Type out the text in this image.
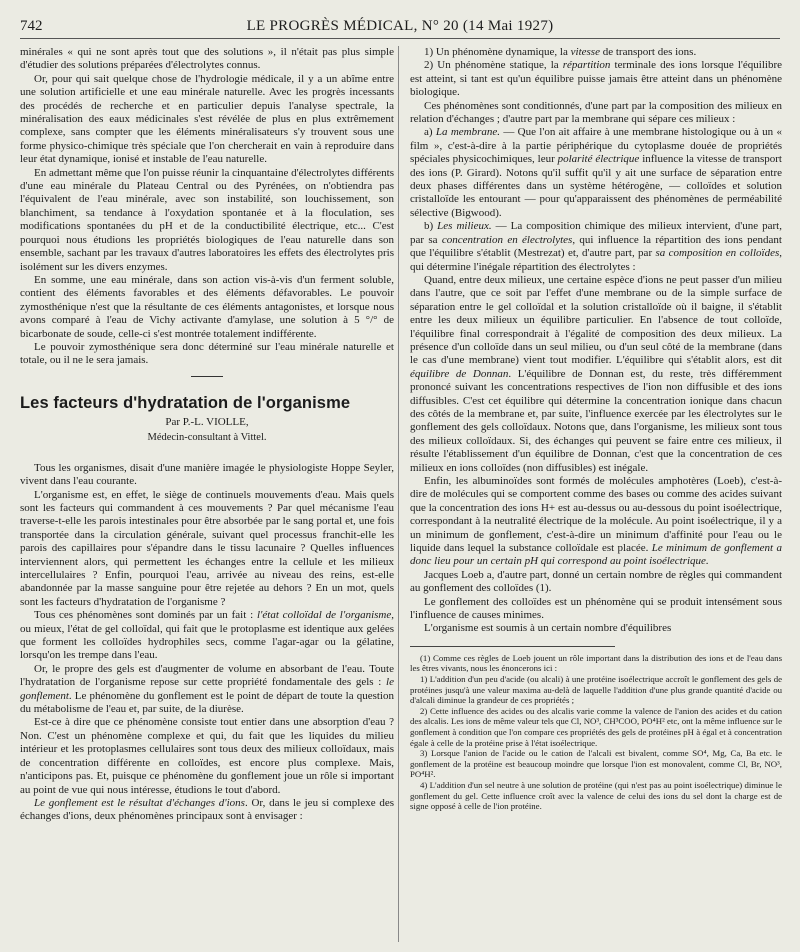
742	LE PROGRÈS MÉDICAL, N° 20 (14 Mai 1927)

minérales « qui ne sont après tout que des solutions », il n'était pas plus simple d'étudier des solutions préparées d'électrolytes connus.

Or, pour qui sait quelque chose de l'hydrologie médicale, il y a un abîme entre une solution artificielle et une eau minérale naturelle. Avec les progrès incessants des procédés de recherche et en particulier depuis l'analyse spectrale, la minéralisation des eaux médicinales s'est révélée de plus en plus extrêmement complexe, sans compter que les éléments minéralisateurs s'y trouvent sous une forme physico-chimique très spéciale que l'on chercherait en vain à reproduire dans leur état dynamique, ionisé et instable de l'eau naturelle.

En admettant même que l'on puisse réunir la cinquantaine d'électrolytes différents d'une eau minérale du Plateau Central ou des Pyrénées, on n'obtiendra pas l'équivalent de l'eau minérale, avec son instabilité, son louchissement, son blanchiment, sa tendance à l'oxydation spontanée et à la floculation, ses modifications spontanées du pH et de la conductibilité électrique, etc... C'est pourquoi nous étudions les propriétés biologiques de l'eau naturelle dans son ensemble, sachant par les travaux d'autres laboratoires les effets des électrolytes pris isolément sur les divers enzymes.

En somme, une eau minérale, dans son action vis-à-vis d'un ferment soluble, contient des éléments favorables et des éléments défavorables. Le pouvoir zymosthénique n'est que la résultante de ces éléments antagonistes, et lorsque nous avons comparé à l'eau de Vichy activante d'amylase, une solution à 5 °/° de bicarbonate de soude, celle-ci s'est montrée totalement indifférente.

Le pouvoir zymosthénique sera donc déterminé sur l'eau minérale naturelle et totale, ou il ne le sera jamais.

Les facteurs d'hydratation de l'organisme
Par P.-L. VIOLLE,
Médecin-consultant à Vittel.

Tous les organismes, disait d'une manière imagée le physiologiste Hoppe Seyler, vivent dans l'eau courante.

L'organisme est, en effet, le siège de continuels mouvements d'eau. Mais quels sont les facteurs qui commandent à ces mouvements ? Par quel mécanisme l'eau traverse-t-elle les parois intestinales pour être absorbée par le sang portal et, une fois transportée dans la circulation générale, suivant quel processus franchit-elle les parois des capillaires pour s'épandre dans le tissu lacunaire ? Quelles influences interviennent alors, qui permettent les échanges entre la cellule et les milieux intercellulaires ? Enfin, pourquoi l'eau, arrivée au niveau des reins, est-elle abandonnée par la masse sanguine pour être rejetée au dehors ? En un mot, quels sont les facteurs d'hydratation de l'organisme ?

Tous ces phénomènes sont dominés par un fait : l'état colloïdal de l'organisme, ou mieux, l'état de gel colloïdal, qui fait que le protoplasme est identique aux gelées que forment les colloïdes hydrophiles secs, comme l'agar-agar ou la gélatine, lorsqu'on les trempe dans l'eau.

Or, le propre des gels est d'augmenter de volume en absorbant de l'eau. Toute l'hydratation de l'organisme repose sur cette propriété fondamentale des gels : le gonflement. Le phénomène du gonflement est le point de départ de toute la question du métabolisme de l'eau et, par suite, de la diurèse.

Est-ce à dire que ce phénomène consiste tout entier dans une absorption d'eau ? Non. C'est un phénomène complexe et qui, du fait que les liquides du milieu intérieur et les protoplasmes cellulaires sont tous deux des milieux colloïdaux, mais de concentration différente en colloïdes, est encore plus complexe. Mais, n'anticipons pas. Et, puisque ce phénomène du gonflement joue un rôle si important au point de vue qui nous intéresse, étudions le tout d'abord.

Le gonflement est le résultat d'échanges d'ions. Or, dans le jeu si complexe des échanges d'ions, deux phénomènes principaux sont à envisager :

1) Un phénomène dynamique, la vitesse de transport des ions.

2) Un phénomène statique, la répartition terminale des ions lorsque l'équilibre est atteint, si tant est qu'un équilibre puisse jamais être atteint dans un phénomène biologique.

Ces phénomènes sont conditionnés, d'une part par la composition des milieux en relation d'échanges ; d'autre part par la membrane qui sépare ces milieux :

a) La membrane. — Que l'on ait affaire à une membrane histologique ou à un « film », c'est-à-dire à la partie périphérique du cytoplasme douée de propriétés spéciales physicochimiques, leur polarité électrique influence la vitesse de transport des ions (P. Girard). Notons qu'il suffit qu'il y ait une surface de séparation entre deux phases différentes dans un système hétérogène, — colloïdes et solution cristalloïde les entourant — pour qu'apparaissent des phénomènes de perméabilité sélective (Bigwood).

b) Les milieux. — La composition chimique des milieux intervient, d'une part, par sa concentration en électrolytes, qui influence la répartition des ions pendant que l'équilibre s'établit (Mestrezat) et, d'autre part, par sa composition en colloïdes, qui détermine l'inégale répartition des électrolytes :

Quand, entre deux milieux, une certaine espèce d'ions ne peut passer d'un milieu dans l'autre, que ce soit par l'effet d'une membrane ou de la simple surface de séparation entre le gel colloïdal et la solution cristalloïde où il baigne, il s'établit entre les deux milieux un équilibre particulier. En l'absence de tout colloïde, l'équilibre final correspondrait à l'égalité de composition des deux milieux. La présence d'un colloïde dans un seul milieu, ou d'un seul côté de la membrane (dans le cas d'une membrane) vient tout modifier. L'équilibre qui s'établit alors, est dit équilibre de Donnan. L'équilibre de Donnan est, du reste, très différemment prononcé suivant les concentrations respectives de l'ion non diffusible et des ions diffusibles. C'est cet équilibre qui détermine la concentration ionique dans chacun des côtés de la membrane et, par suite, l'influence exercée par les électrolytes sur le gonflement des gels colloïdaux. Notons que, dans l'organisme, les milieux sont tous des milieux colloïdaux. Si, des échanges qui peuvent se faire entre ces milieux, il résulte l'établissement d'un équilibre de Donnan, c'est que la concentration de ces milieux en ions colloïdes (non diffusibles) est inégale.

Enfin, les albuminoïdes sont formés de molécules amphotères (Loeb), c'est-à-dire de molécules qui se comportent comme des bases ou comme des acides suivant que la concentration des ions H+ est au-dessus ou au-dessous du point isoélectrique, correspondant à la neutralité électrique de la molécule. Au point isoélectrique, il y a un minimum de gonflement, c'est-à-dire un minimum d'affinité pour l'eau ou le liquide dans lequel la substance colloïdale est placée. Le minimum de gonflement a donc lieu pour un certain pH qui correspond au point isoélectrique.

Jacques Loeb a, d'autre part, donné un certain nombre de règles qui commandent au gonflement des colloïdes (1).

Le gonflement des colloïdes est un phénomène qui se produit intensément sous l'influence de causes minimes.

L'organisme est soumis à un certain nombre d'équilibres

(1) Comme ces règles de Loeb jouent un rôle important dans la distribution des ions et de l'eau dans les êtres vivants, nous les énoncerons ici :

1) L'addition d'un peu d'acide (ou alcali) à une protéine isoélectrique accroît le gonflement des gels de protéines jusqu'à une valeur maxima au-delà de laquelle l'addition d'une plus grande quantité d'acide ou d'alcali diminue la grandeur de ces propriétés ;

2) Cette influence des acides ou des alcalis varie comme la valence de l'anion des acides et du cation des alcalis. Les ions de même valeur tels que Cl, NO³, CH³COO, PO⁴H² etc, ont la même influence sur le gonflement à condition que l'on compare ces propriétés des gels de protéines pH à égal et à concentration égale à celle de la protéine prise à l'état isoélectrique.

3) Lorsque l'anion de l'acide ou le cation de l'alcali est bivalent, comme SO⁴, Mg, Ca, Ba etc. le gonflement de la protéine est beaucoup moindre que lorsque l'ion est monovalent, comme Cl, Br, NO³, PO⁴H².

4) L'addition d'un sel neutre à une solution de protéine (qui n'est pas au point isoélectrique) diminue le gonflement du gel. Cette influence croît avec la valence de celui des ions du sel dont la charge est de signe opposé à celle de l'ion protéine.
